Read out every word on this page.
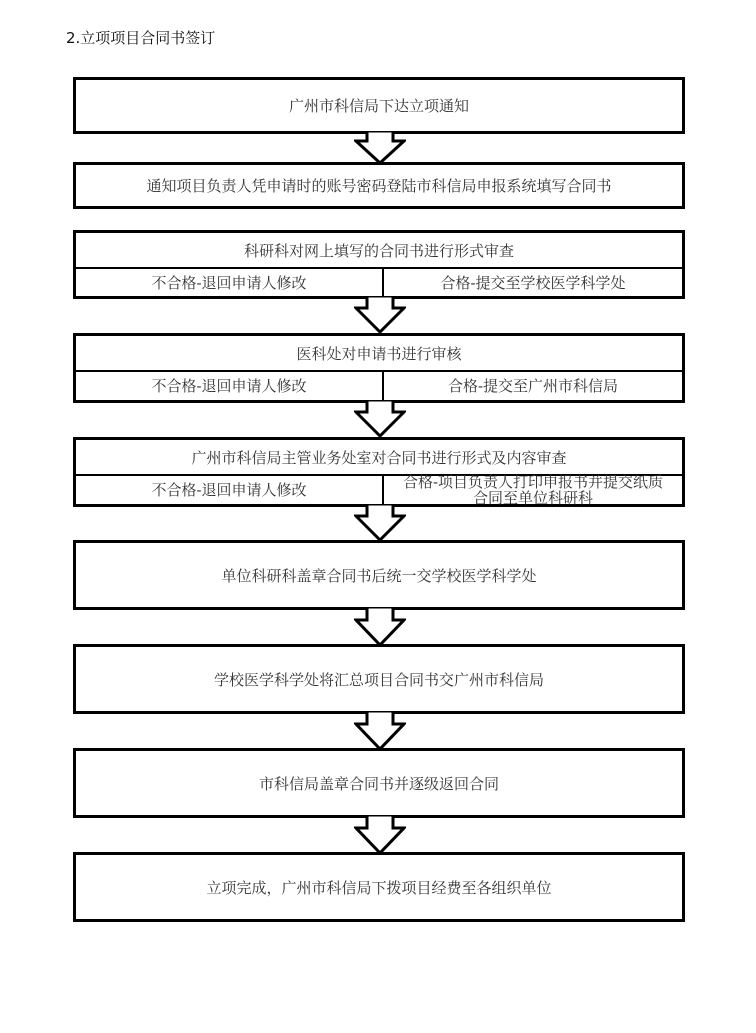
2.立项项目合同书签订
广州市科信局下达立项通知
通知项目负责人凭申请时的账号密码登陆市科信局申报系统填写合同书
科研科对网上填写的合同书进行形式审查
不合格-退回申请人修改	合格-提交至学校医学科学处
医科处对申请书进行审核
不合格-退回申请人修改	合格-提交至广州市科信局
广州市科信局主管业务处室对合同书进行形式及内容审查
不合格-退回申请人修改	合格-项目负责人打印申报书并提交纸质合同至单位科研科
单位科研科盖章合同书后统一交学校医学科学处
学校医学科学处将汇总项目合同书交广州市科信局
市科信局盖章合同书并逐级返回合同
立项完成，广州市科信局下拨项目经费至各组织单位
